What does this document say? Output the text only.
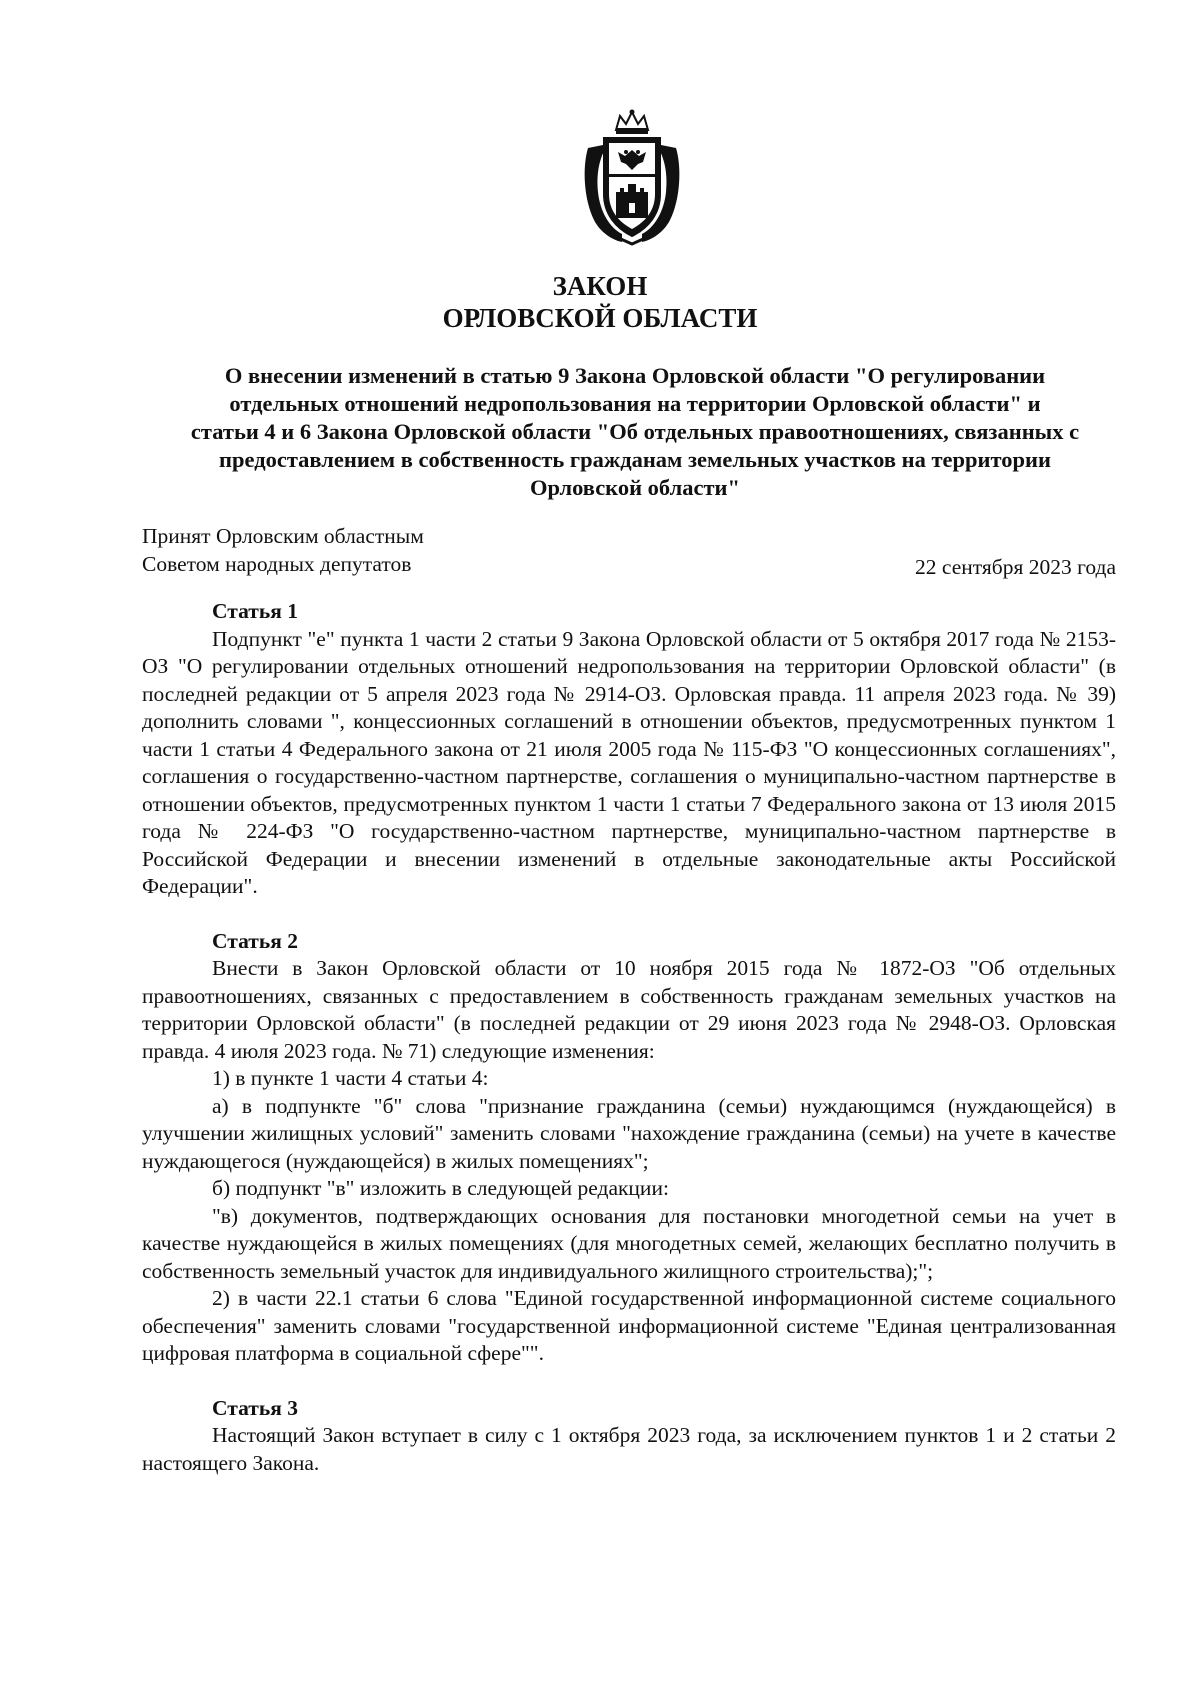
ЗАКОН
ОРЛОВСКОЙ ОБЛАСТИ
О внесении изменений в статью 9 Закона Орловской области "О регулировании
отдельных отношений недропользования на территории Орловской области" и
статьи 4 и 6 Закона Орловской области "Об отдельных правоотношениях, связанных с
предоставлением в собственность гражданам земельных участков на территории
Орловской области"
Принят Орловским областным
Советом народных депутатов	22 сентября 2023 года
Статья 1

Подпункт "е" пункта 1 части 2 статьи 9 Закона Орловской области от 5 октября 2017 года № 2153-ОЗ "О регулировании отдельных отношений недропользования на территории Орловской области" (в последней редакции от 5 апреля 2023 года № 2914-ОЗ. Орловская правда. 11 апреля 2023 года. № 39) дополнить словами ", концессионных соглашений в отношении объектов, предусмотренных пунктом 1 части 1 статьи 4 Федерального закона от 21 июля 2005 года № 115-ФЗ "О концессионных соглашениях", соглашения о государственно-частном партнерстве, соглашения о муниципально-частном партнерстве в отношении объектов, предусмотренных пунктом 1 части 1 статьи 7 Федерального закона от 13 июля 2015 года № 224-ФЗ "О государственно-частном партнерстве, муниципально-частном партнерстве в Российской Федерации и внесении изменений в отдельные законодательные акты Российской Федерации".

Статья 2

Внести в Закон Орловской области от 10 ноября 2015 года № 1872-ОЗ "Об отдельных правоотношениях, связанных с предоставлением в собственность гражданам земельных участков на территории Орловской области" (в последней редакции от 29 июня 2023 года № 2948-ОЗ. Орловская правда. 4 июля 2023 года. № 71) следующие изменения:

1) в пункте 1 части 4 статьи 4:

а) в подпункте "б" слова "признание гражданина (семьи) нуждающимся (нуждающейся) в улучшении жилищных условий" заменить словами "нахождение гражданина (семьи) на учете в качестве нуждающегося (нуждающейся) в жилых помещениях";

б) подпункт "в" изложить в следующей редакции:

"в) документов, подтверждающих основания для постановки многодетной семьи на учет в качестве нуждающейся в жилых помещениях (для многодетных семей, желающих бесплатно получить в собственность земельный участок для индивидуального жилищного строительства);";

2) в части 22.1 статьи 6 слова "Единой государственной информационной системе социального обеспечения" заменить словами "государственной информационной системе "Единая централизованная цифровая платформа в социальной сфере"".

Статья 3

Настоящий Закон вступает в силу с 1 октября 2023 года, за исключением пунктов 1 и 2 статьи 2 настоящего Закона.
